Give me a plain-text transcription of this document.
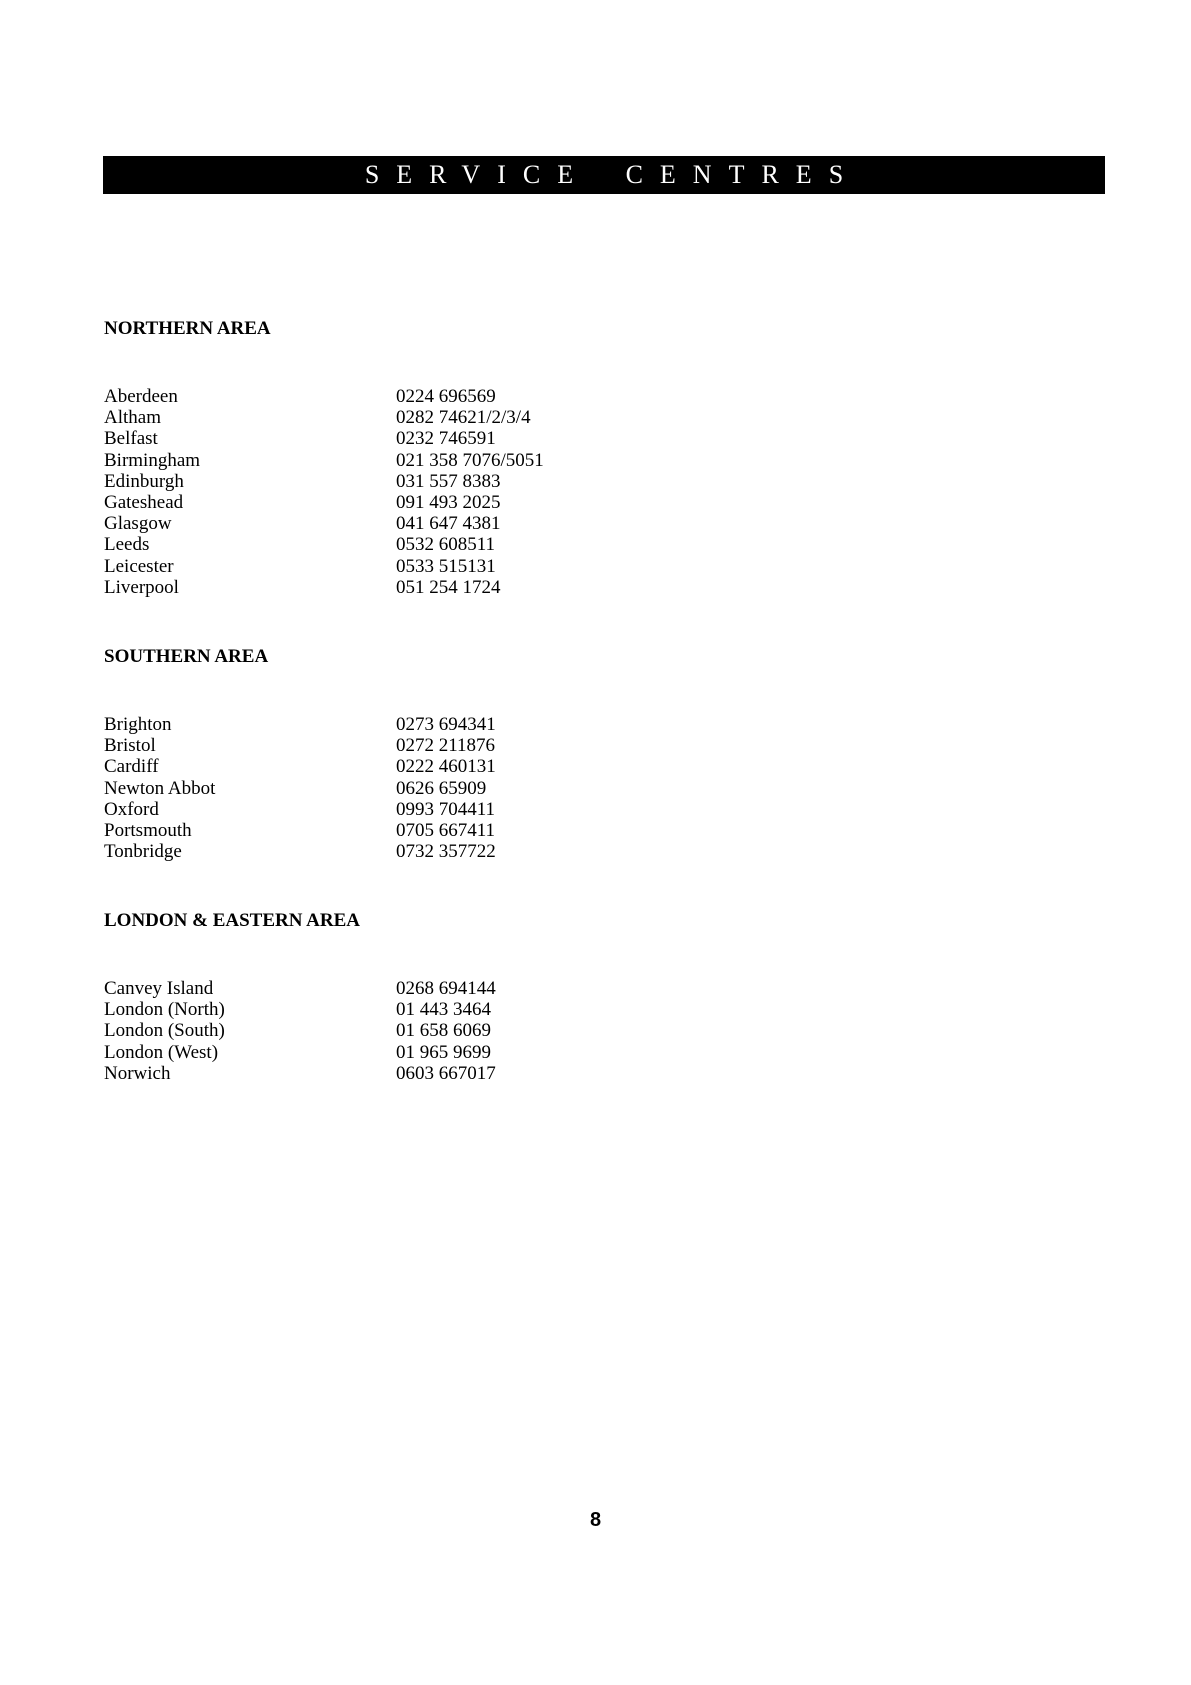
SERVICE CENTRES
NORTHERN AREA
Aberdeen	0224 696569
Altham	0282 74621/2/3/4
Belfast	0232 746591
Birmingham	021 358 7076/5051
Edinburgh	031 557 8383
Gateshead	091 493 2025
Glasgow	041 647 4381
Leeds	0532 608511
Leicester	0533 515131
Liverpool	051 254 1724
SOUTHERN AREA
Brighton	0273 694341
Bristol	0272 211876
Cardiff	0222 460131
Newton Abbot	0626 65909
Oxford	0993 704411
Portsmouth	0705 667411
Tonbridge	0732 357722
LONDON & EASTERN AREA
Canvey Island	0268 694144
London (North)	01 443 3464
London (South)	01 658 6069
London (West)	01 965 9699
Norwich	0603 667017
8
